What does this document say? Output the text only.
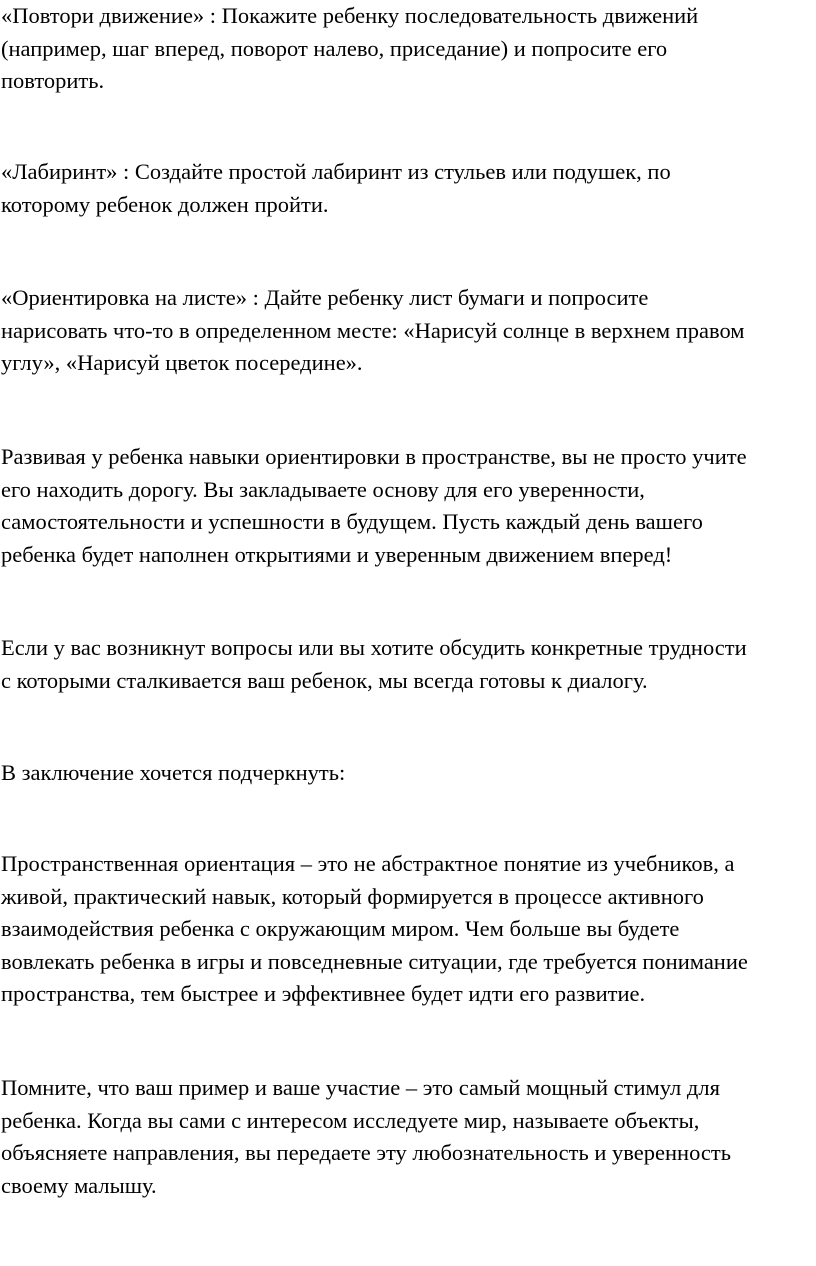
«Повтори движение» : Покажите ребенку последовательность движений
(например, шаг вперед, поворот налево, приседание) и попросите его
повторить.

«Лабиринт» : Создайте простой лабиринт из стульев или подушек, по
которому ребенок должен пройти.

«Ориентировка на листе» : Дайте ребенку лист бумаги и попросите
нарисовать что-то в определенном месте: «Нарисуй солнце в верхнем правом
углу», «Нарисуй цветок посередине».

Развивая у ребенка навыки ориентировки в пространстве, вы не просто учите
его находить дорогу. Вы закладываете основу для его уверенности,
самостоятельности и успешности в будущем. Пусть каждый день вашего
ребенка будет наполнен открытиями и уверенным движением вперед!

Если у вас возникнут вопросы или вы хотите обсудить конкретные трудности
с которыми сталкивается ваш ребенок, мы всегда готовы к диалогу.

В заключение хочется подчеркнуть:

Пространственная ориентация – это не абстрактное понятие из учебников, а
живой, практический навык, который формируется в процессе активного
взаимодействия ребенка с окружающим миром. Чем больше вы будете
вовлекать ребенка в игры и повседневные ситуации, где требуется понимание
пространства, тем быстрее и эффективнее будет идти его развитие.

Помните, что ваш пример и ваше участие – это самый мощный стимул для
ребенка. Когда вы сами с интересом исследуете мир, называете объекты,
объясняете направления, вы передаете эту любознательность и уверенность
своему малышу.
